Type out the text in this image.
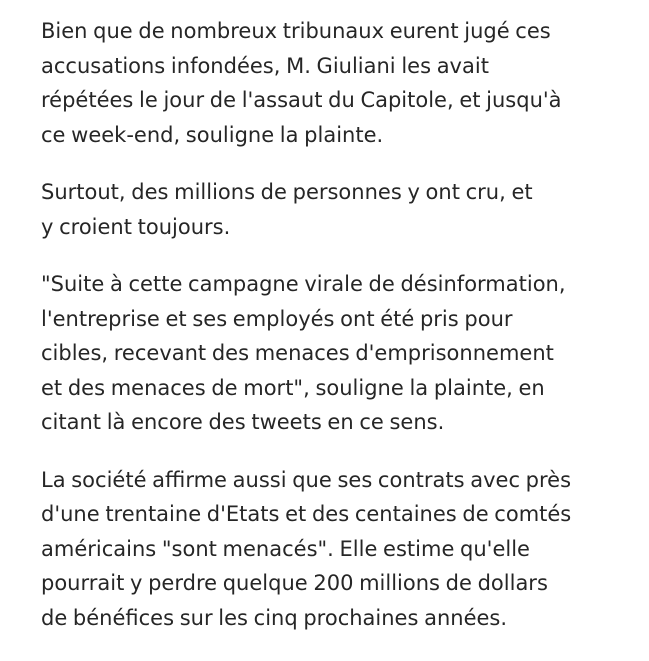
Bien que de nombreux tribunaux eurent jugé ces
accusations infondées, M. Giuliani les avait
répétées le jour de l'assaut du Capitole, et jusqu'à
ce week-end, souligne la plainte.

Surtout, des millions de personnes y ont cru, et
y croient toujours.

"Suite à cette campagne virale de désinformation,
l'entreprise et ses employés ont été pris pour
cibles, recevant des menaces d'emprisonnement
et des menaces de mort", souligne la plainte, en
citant là encore des tweets en ce sens.

La société affirme aussi que ses contrats avec près
d'une trentaine d'Etats et des centaines de comtés
américains "sont menacés". Elle estime qu'elle
pourrait y perdre quelque 200 millions de dollars
de bénéfices sur les cinq prochaines années.
